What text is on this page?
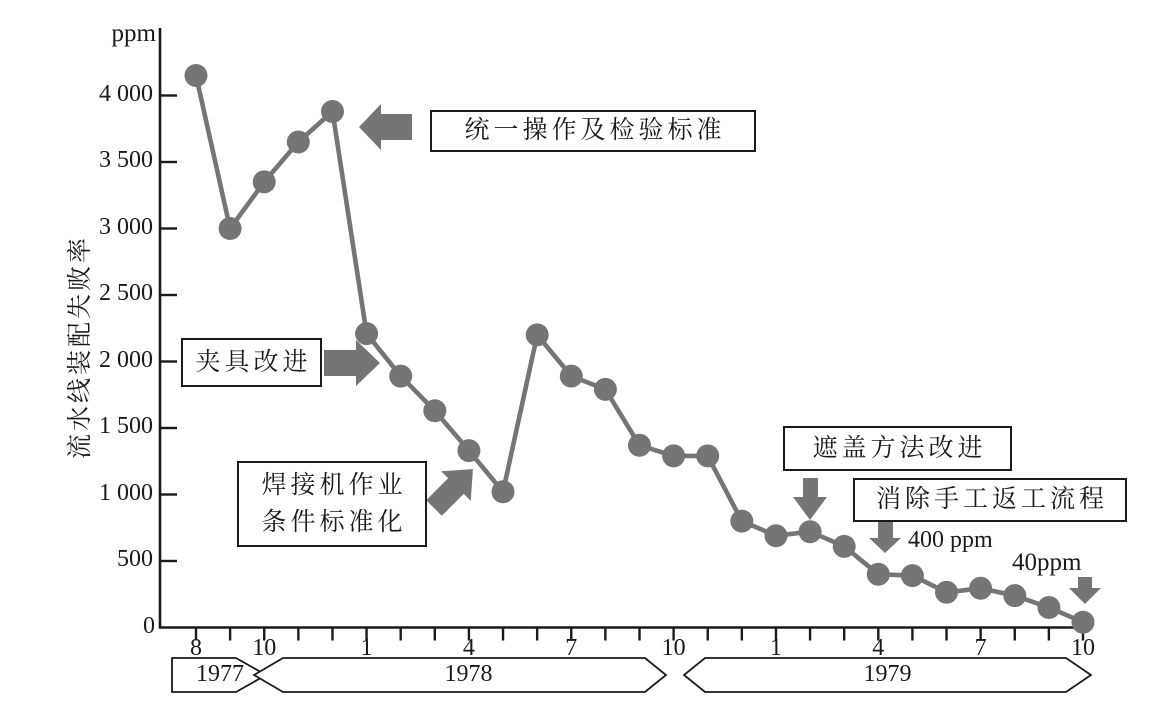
ppm
0
流水线装配失败率
统一操作及检验标准
夹具改进
焊接机作业
条件标准化
遮盖方法改进
消除手工返工流程
400 ppm
40ppm
1977	1978	1979
500
1 000
1 500
2 000
2 500
3 000
3 500
4 000
8	10	1	4	7	10	1	4	7	10
